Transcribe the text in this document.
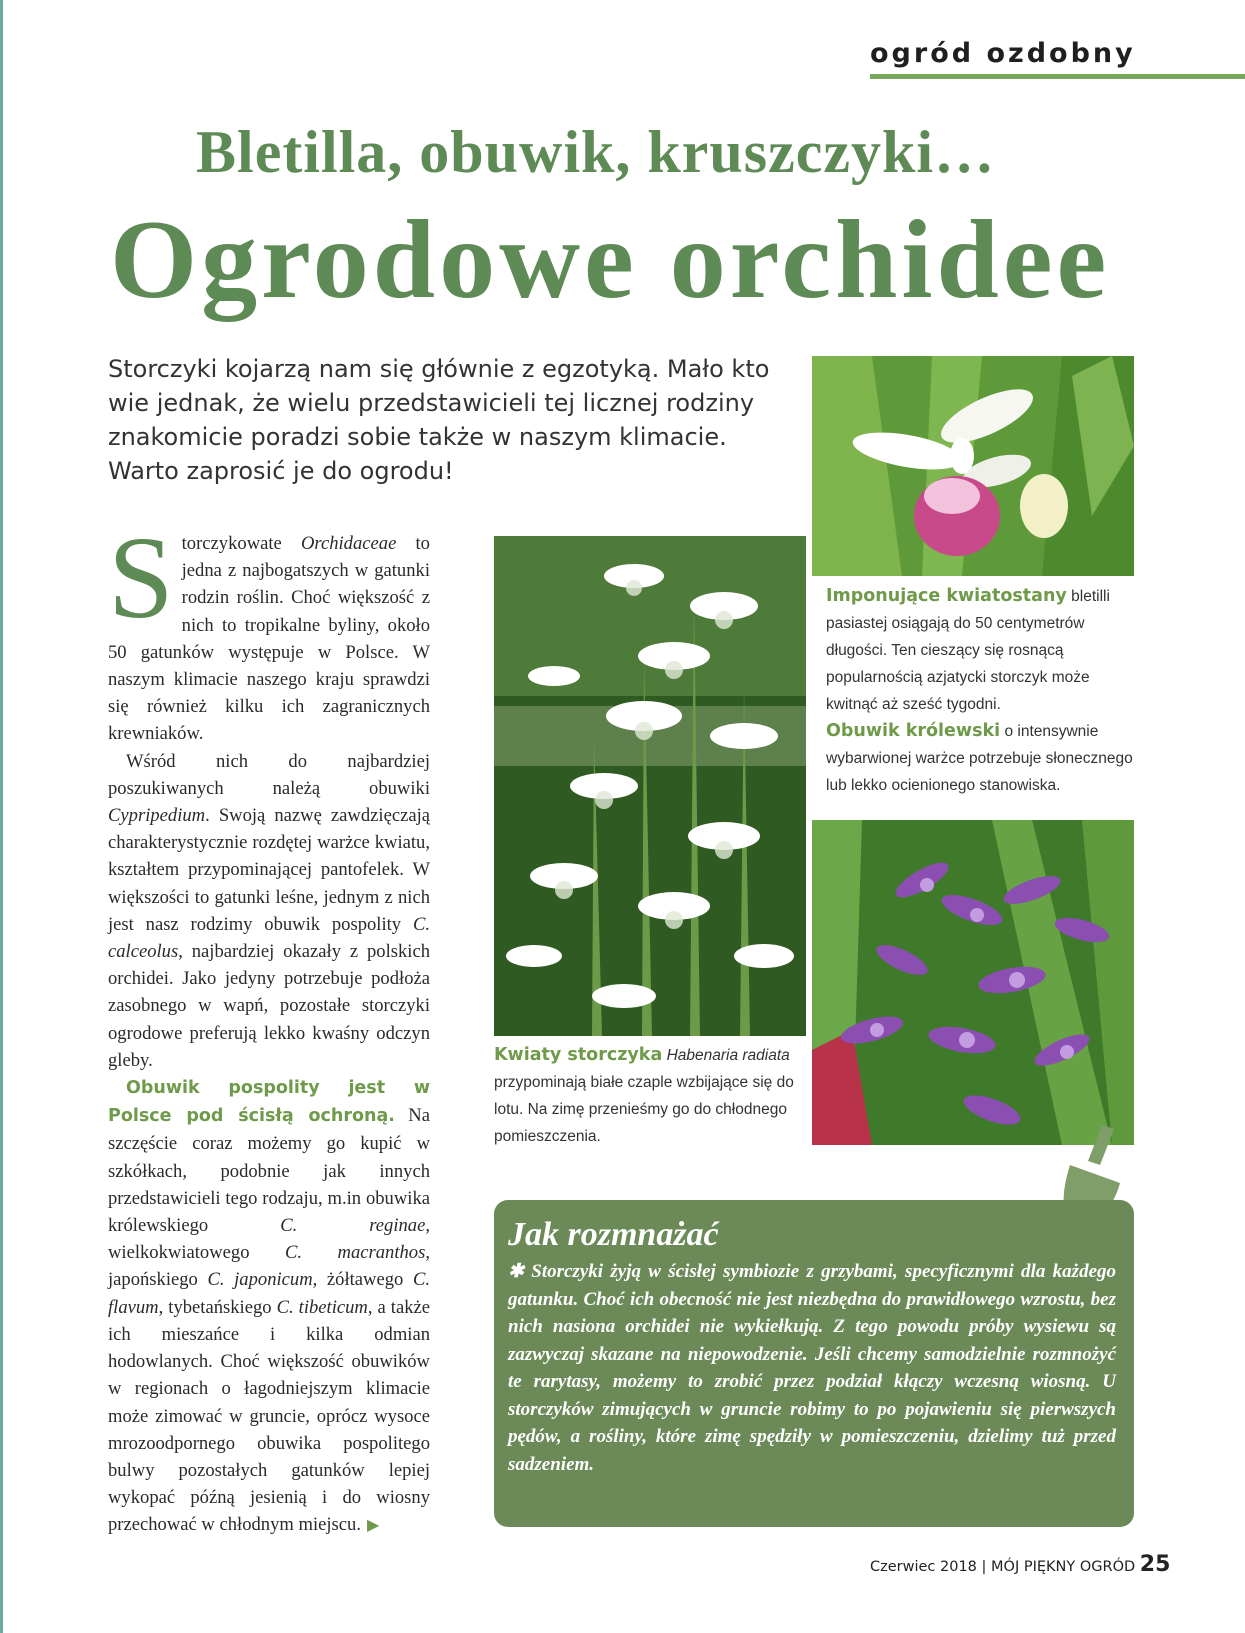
ogród ozdobny
Bletilla, obuwik, kruszczyki…
Ogrodowe orchidee

Storczyki kojarzą nam się głównie z egzotyką. Mało kto wie jednak, że wielu przedstawicieli tej licznej rodziny znakomicie poradzi sobie także w naszym klimacie. Warto zaprosić je do ogrodu!

Imponujące kwiatostany bletilli pasiastej osiągają do 50 centymetrów długości. Ten cieszący się rosnącą popularnością azjatycki storczyk może kwitnąć aż sześć tygodni.
Obuwik królewski o intensywnie wybarwionej warżce potrzebuje słonecznego lub lekko ocienionego stanowiska.
Kwiaty storczyka Habenaria radiata przypominają białe czaple wzbijające się do lotu. Na zimę przenieśmy go do chłodnego pomieszczenia.

Storczykowate Orchidaceae to jedna z najbogatszych w gatunki rodzin roślin. Choć większość z nich to tropikalne byliny, około 50 gatunków występuje w Polsce. W naszym klimacie naszego kraju sprawdzi się również kilku ich zagranicznych krewniaków.

Wśród nich do najbardziej poszukiwanych należą obuwiki Cypripedium. Swoją nazwę zawdzięczają charakterystycznie rozdętej warżce kwiatu, kształtem przypominającej pantofelek. W większości to gatunki leśne, jednym z nich jest nasz rodzimy obuwik pospolity C. calceolus, najbardziej okazały z polskich orchidei. Jako jedyny potrzebuje podłoża zasobnego w wapń, pozostałe storczyki ogrodowe preferują lekko kwaśny odczyn gleby.

Obuwik pospolity jest w Polsce pod ścisłą ochroną. Na szczęście coraz możemy go kupić w szkółkach, podobnie jak innych przedstawicieli tego rodzaju, m.in obuwika królewskiego C. reginae, wielkokwiatowego C. macranthos, japońskiego C. japonicum, żółtawego C. flavum, tybetańskiego C. tibeticum, a także ich mieszańce i kilka odmian hodowlanych. Choć większość obuwików w regionach o łagodniejszym klimacie może zimować w gruncie, oprócz wysoce mrozoodpornego obuwika pospolitego bulwy pozostałych gatunków lepiej wykopać późną jesienią i do wiosny przechować w chłodnym miejscu. ▶

Jak rozmnażać
✱ Storczyki żyją w ścisłej symbiozie z grzybami, specyficznymi dla każdego gatunku. Choć ich obecność nie jest niezbędna do prawidłowego wzrostu, bez nich nasiona orchidei nie wykiełkują. Z tego powodu próby wysiewu są zazwyczaj skazane na niepowodzenie. Jeśli chcemy samodzielnie rozmnożyć te rarytasy, możemy to zrobić przez podział kłączy wczesną wiosną. U storczyków zimujących w gruncie robimy to po pojawieniu się pierwszych pędów, a rośliny, które zimę spędziły w pomieszczeniu, dzielimy tuż przed sadzeniem.
Czerwiec 2018 | MÓJ PIĘKNY OGRÓD 25
